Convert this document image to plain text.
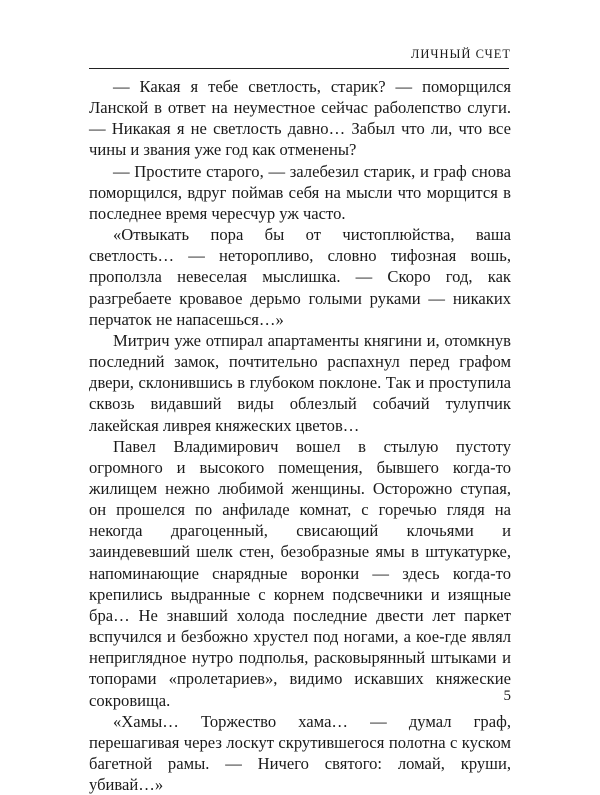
ЛИЧНЫЙ СЧЕТ

— Какая я тебе светлость, старик? — поморщился Ланской в ответ на неуместное сейчас раболепство слуги. — Никакая я не светлость давно… Забыл что ли, что все чины и звания уже год как отменены?

— Простите старого, — залебезил старик, и граф снова поморщился, вдруг поймав себя на мысли что морщится в последнее время чересчур уж часто.

«Отвыкать пора бы от чистоплюйства, ваша светлость… — неторопливо, словно тифозная вошь, проползла невеселая мыслишка. — Скоро год, как разгребаете кровавое дерьмо голыми руками — никаких перчаток не напасешься…»

Митрич уже отпирал апартаменты княгини и, отомкнув последний замок, почтительно распахнул перед графом двери, склонившись в глубоком поклоне. Так и проступила сквозь видавший виды облезлый собачий тулупчик лакейская ливрея княжеских цветов…

Павел Владимирович вошел в стылую пустоту огромного и высокого помещения, бывшего когда-то жилищем нежно любимой женщины. Осторожно ступая, он прошелся по анфиладе комнат, с горечью глядя на некогда драгоценный, свисающий клочьями и заиндевевший шелк стен, безобразные ямы в штукатурке, напоминающие снарядные воронки — здесь когда-то крепились выдранные с корнем подсвечники и изящные бра… Не знавший холода последние двести лет паркет вспучился и безбожно хрустел под ногами, а кое-где являл неприглядное нутро подполья, расковырянный штыками и топорами «пролетариев», видимо искавших княжеские сокровища.

«Хамы… Торжество хама… — думал граф, перешагивая через лоскут скрутившегося полотна с куском багетной рамы. — Ничего святого: ломай, круши, убивай…»

5
